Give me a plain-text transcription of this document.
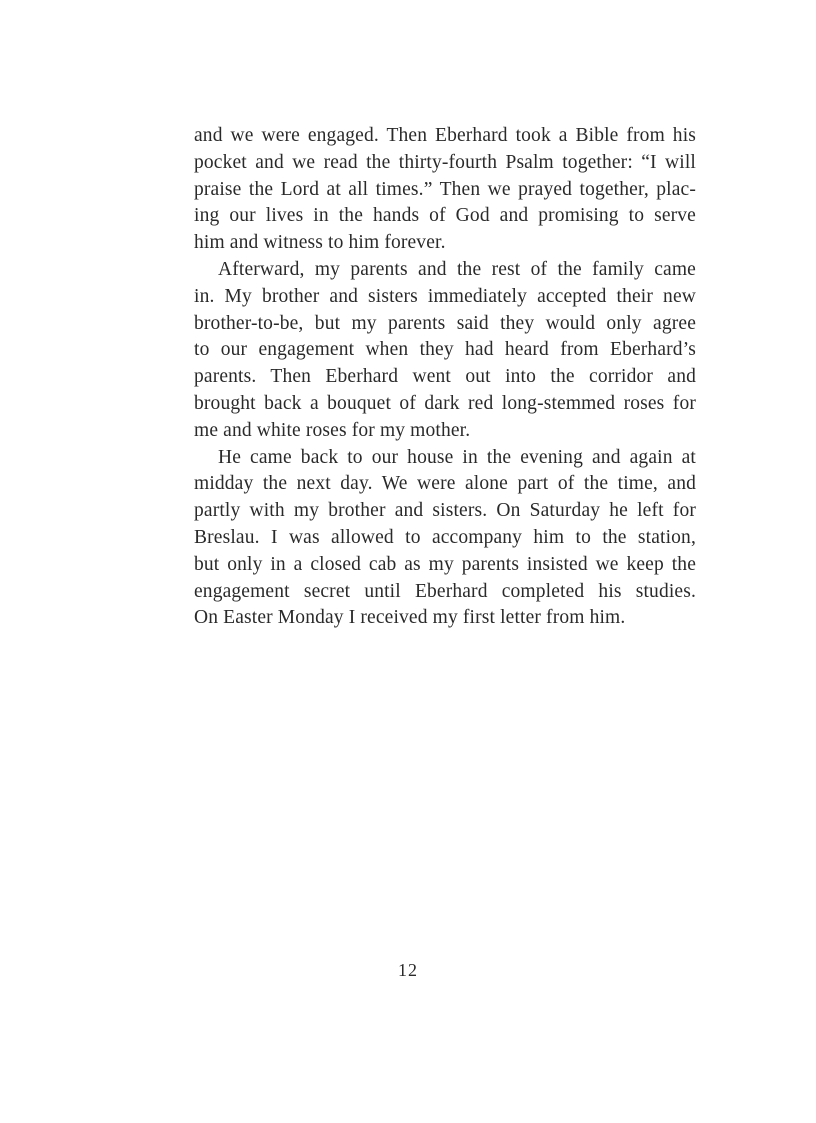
and we were engaged. Then Eberhard took a Bible from his
pocket and we read the thirty-fourth Psalm together: “I will
praise the Lord at all times.” Then we prayed together, plac-
ing our lives in the hands of God and promising to serve
him and witness to him forever.
Afterward, my parents and the rest of the family came
in. My brother and sisters immediately accepted their new
brother-to-be, but my parents said they would only agree
to our engagement when they had heard from Eberhard’s
parents. Then Eberhard went out into the corridor and
brought back a bouquet of dark red long-stemmed roses for
me and white roses for my mother.
He came back to our house in the evening and again at
midday the next day. We were alone part of the time, and
partly with my brother and sisters. On Saturday he left for
Breslau. I was allowed to accompany him to the station,
but only in a closed cab as my parents insisted we keep the
engagement secret until Eberhard completed his studies.
On Easter Monday I received my first letter from him.
12
